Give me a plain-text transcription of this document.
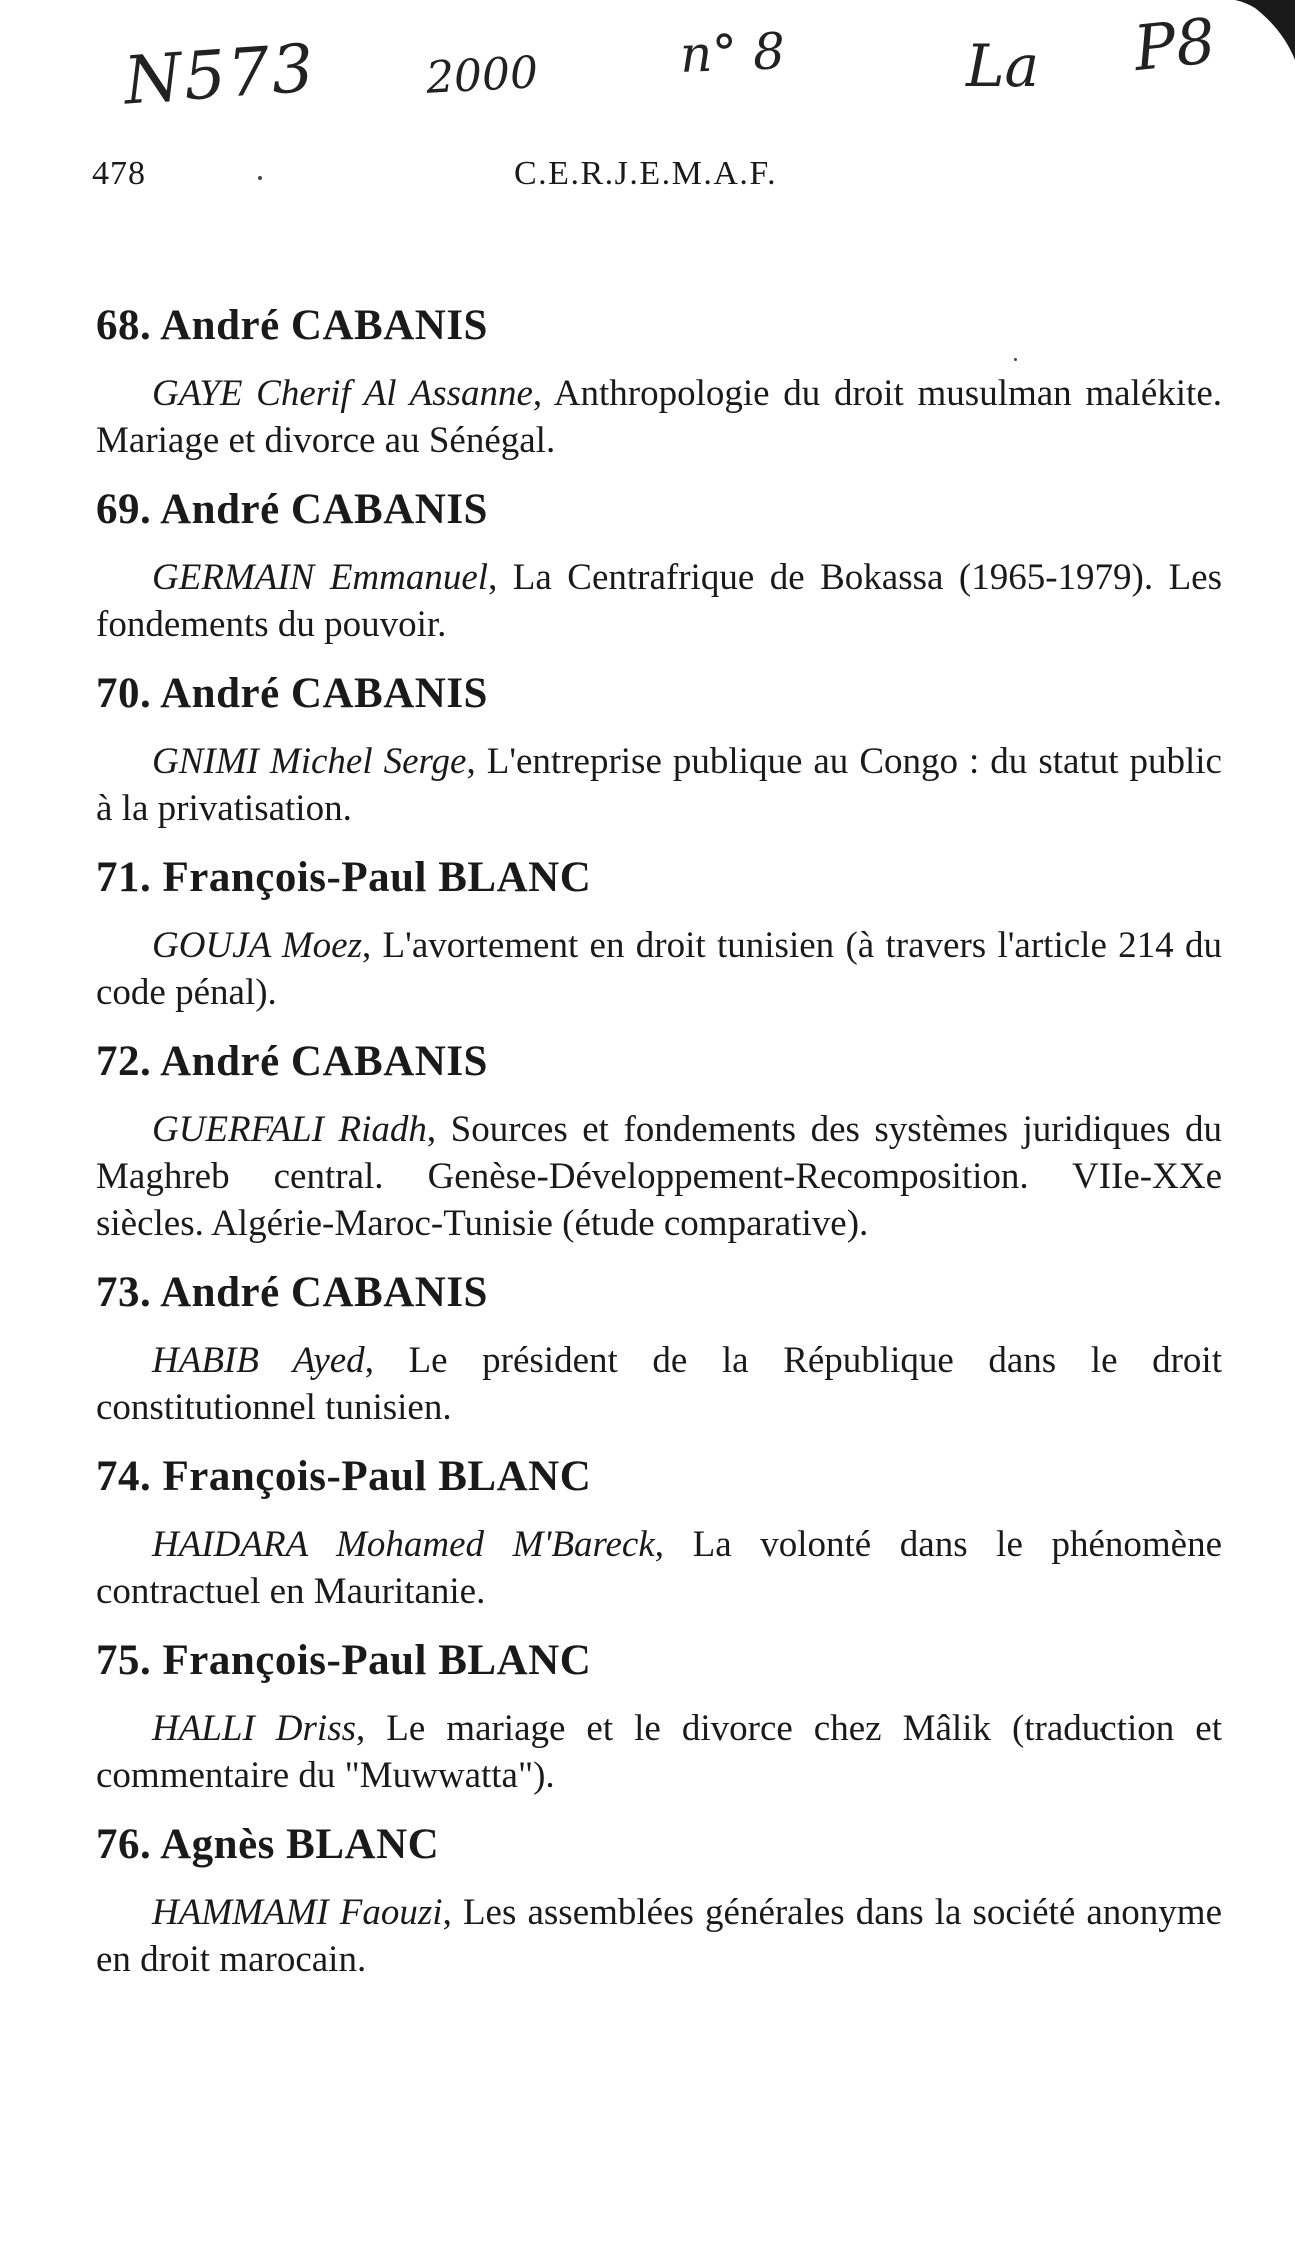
N573 2000	n° 8	La P8
478	C.E.R.J.E.M.A.F.
68. André CABANIS

GAYE Cherif Al Assanne, Anthropologie du droit musulman malékite. Mariage et divorce au Sénégal.

69. André CABANIS

GERMAIN Emmanuel, La Centrafrique de Bokassa (1965-1979). Les fondements du pouvoir.

70. André CABANIS

GNIMI Michel Serge, L'entreprise publique au Congo : du statut public à la privatisation.

71. François-Paul BLANC

GOUJA Moez, L'avortement en droit tunisien (à travers l'article 214 du code pénal).

72. André CABANIS

GUERFALI Riadh, Sources et fondements des systèmes juridiques du Maghreb central. Genèse-Développement-Recomposition. VIIe-XXe siècles. Algérie-Maroc-Tunisie (étude comparative).

73. André CABANIS

HABIB Ayed, Le président de la République dans le droit constitutionnel tunisien.

74. François-Paul BLANC

HAIDARA Mohamed M'Bareck, La volonté dans le phénomène contractuel en Mauritanie.

75. François-Paul BLANC

HALLI Driss, Le mariage et le divorce chez Mâlik (traduction et commentaire du "Muwwatta").

76. Agnès BLANC

HAMMAMI Faouzi, Les assemblées générales dans la société anonyme en droit marocain.
